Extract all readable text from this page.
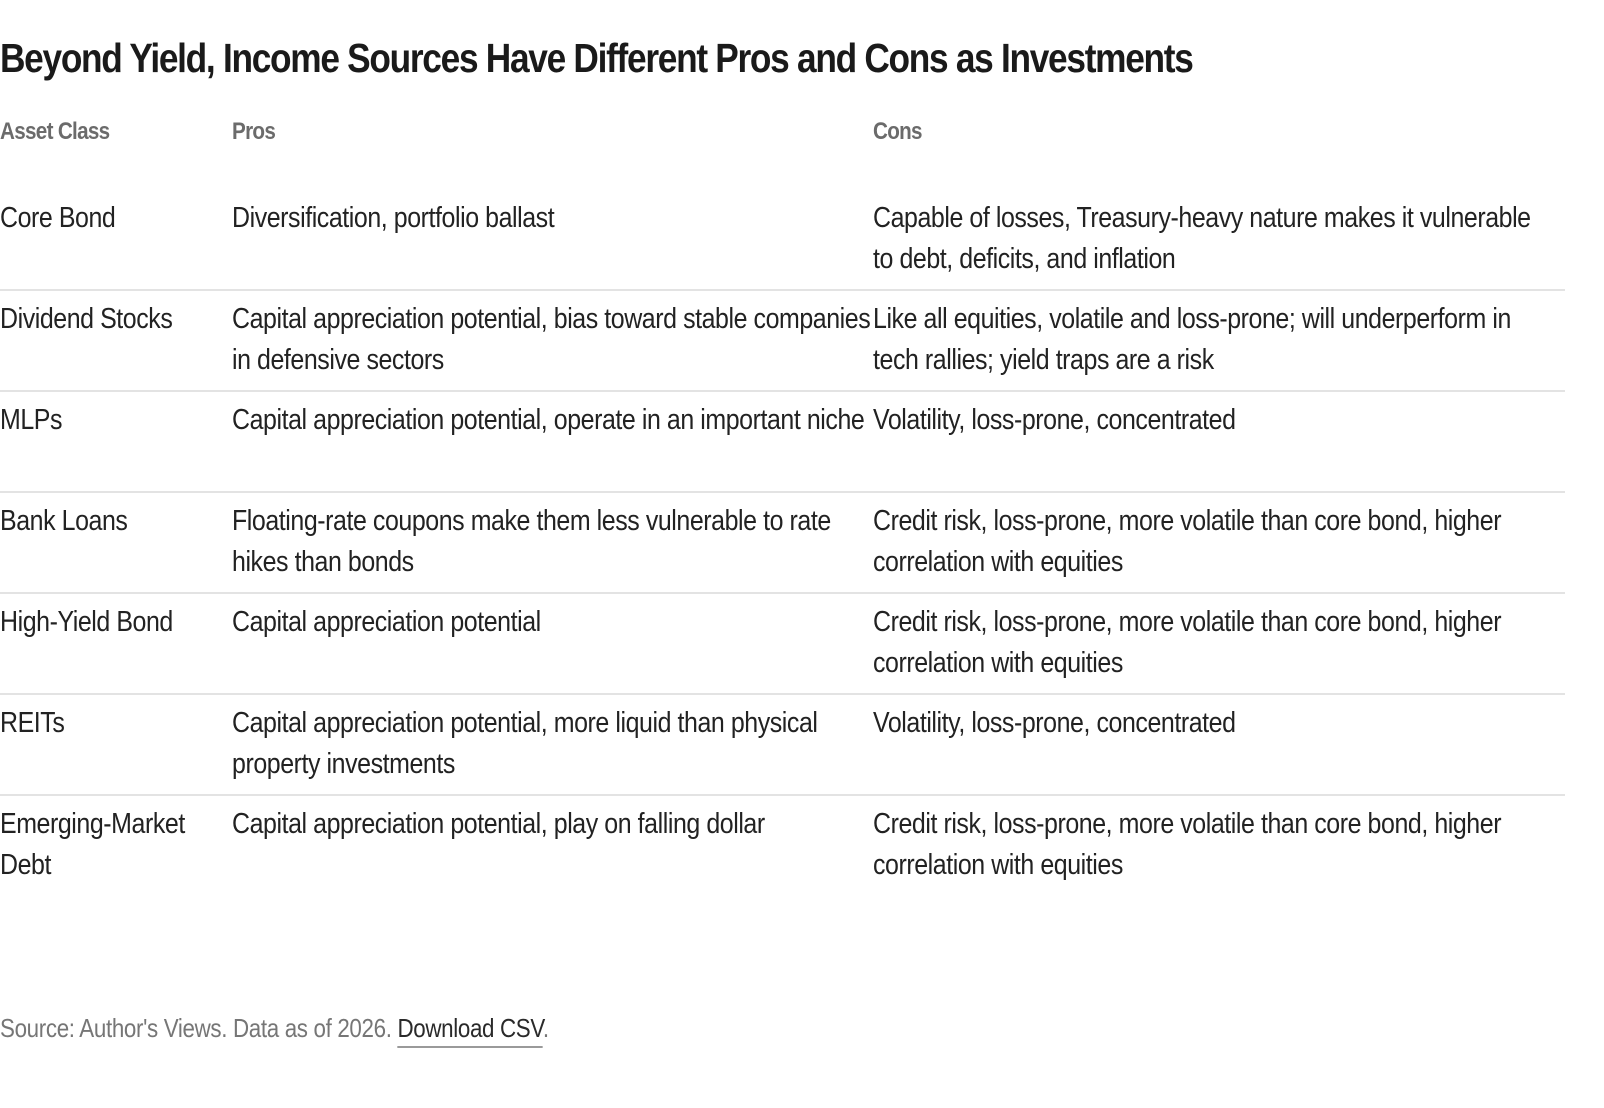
Beyond Yield, Income Sources Have Different Pros and Cons as Investments
Asset Class	Pros	Cons

Core Bond	Diversification, portfolio ballast	Capable of losses, Treasury-heavy nature makes it vulnerable to debt, deficits, and inflation

Dividend Stocks	Capital appreciation potential, bias toward stable companies in defensive sectors	Like all equities, volatile and loss-prone; will underperform in tech rallies; yield traps are a risk

MLPs	Capital appreciation potential, operate in an important niche	Volatility, loss-prone, concentrated

Bank Loans	Floating-rate coupons make them less vulnerable to rate hikes than bonds	Credit risk, loss-prone, more volatile than core bond, higher correlation with equities

High-Yield Bond	Capital appreciation potential	Credit risk, loss-prone, more volatile than core bond, higher correlation with equities

REITs	Capital appreciation potential, more liquid than physical property investments	Volatility, loss-prone, concentrated

Emerging-Market Debt	Capital appreciation potential, play on falling dollar	Credit risk, loss-prone, more volatile than core bond, higher correlation with equities
Source: Author's Views. Data as of 2026. Download CSV.
